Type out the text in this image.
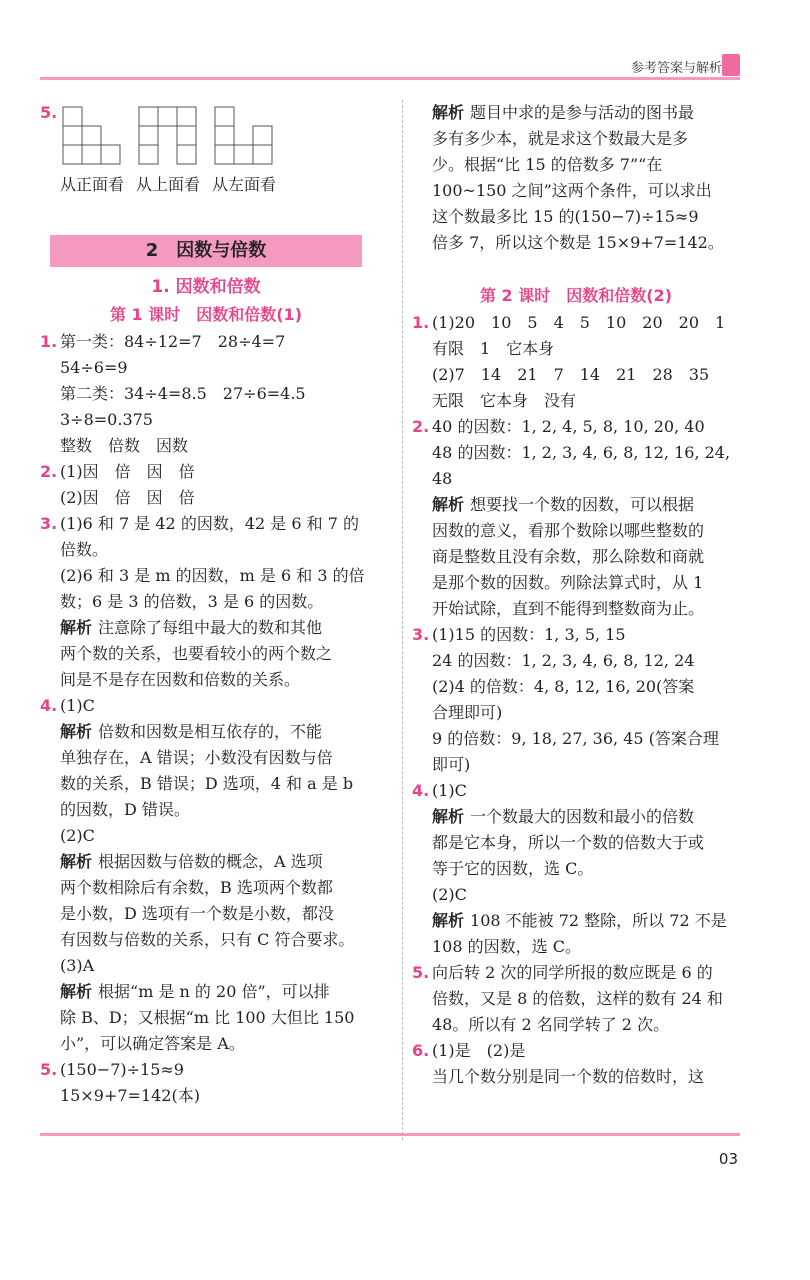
参考答案与解析
5.
从正面看 从上面看 从左面看
2　因数与倍数
1. 因数和倍数
第 1 课时　因数和倍数(1)
1. 第一类：84÷12=7　28÷4=7
54÷6=9
第二类：34÷4=8.5　27÷6=4.5
3÷8=0.375
整数　倍数　因数
2. (1)因　倍　因　倍
(2)因　倍　因　倍
3. (1)6 和 7 是 42 的因数，42 是 6 和 7 的
倍数。
(2)6 和 3 是 m 的因数，m 是 6 和 3 的倍
数；6 是 3 的倍数，3 是 6 的因数。
解析 注意除了每组中最大的数和其他
两个数的关系，也要看较小的两个数之
间是不是存在因数和倍数的关系。
4. (1)C
解析 倍数和因数是相互依存的，不能
单独存在，A 错误；小数没有因数与倍
数的关系，B 错误；D 选项，4 和 a 是 b
的因数，D 错误。
(2)C
解析 根据因数与倍数的概念，A 选项
两个数相除后有余数，B 选项两个数都
是小数，D 选项有一个数是小数，都没
有因数与倍数的关系，只有 C 符合要求。
(3)A
解析 根据“m 是 n 的 20 倍”，可以排
除 B、D；又根据“m 比 100 大但比 150
小”，可以确定答案是 A。
5. (150−7)÷15≈9
15×9+7=142(本)
解析 题目中求的是参与活动的图书最
多有多少本，就是求这个数最大是多
少。根据“比 15 的倍数多 7”“在
100~150 之间”这两个条件，可以求出
这个数最多比 15 的(150−7)÷15≈9
倍多 7，所以这个数是 15×9+7=142。
第 2 课时　因数和倍数(2)
1. (1)20　10　5　4　5　10　20　20　1
有限　1　它本身
(2)7　14　21　7　14　21　28　35
无限　它本身　没有
2. 40 的因数：1, 2, 4, 5, 8, 10, 20, 40
48 的因数：1, 2, 3, 4, 6, 8, 12, 16, 24,
48
解析 想要找一个数的因数，可以根据
因数的意义，看那个数除以哪些整数的
商是整数且没有余数，那么除数和商就
是那个数的因数。列除法算式时，从 1
开始试除，直到不能得到整数商为止。
3. (1)15 的因数：1, 3, 5, 15
24 的因数：1, 2, 3, 4, 6, 8, 12, 24
(2)4 的倍数：4, 8, 12, 16, 20(答案
合理即可)
9 的倍数：9, 18, 27, 36, 45 (答案合理
即可)
4. (1)C
解析 一个数最大的因数和最小的倍数
都是它本身，所以一个数的倍数大于或
等于它的因数，选 C。
(2)C
解析 108 不能被 72 整除，所以 72 不是
108 的因数，选 C。
5. 向后转 2 次的同学所报的数应既是 6 的
倍数，又是 8 的倍数，这样的数有 24 和
48。所以有 2 名同学转了 2 次。
6. (1)是　(2)是
当几个数分别是同一个数的倍数时，这
03
